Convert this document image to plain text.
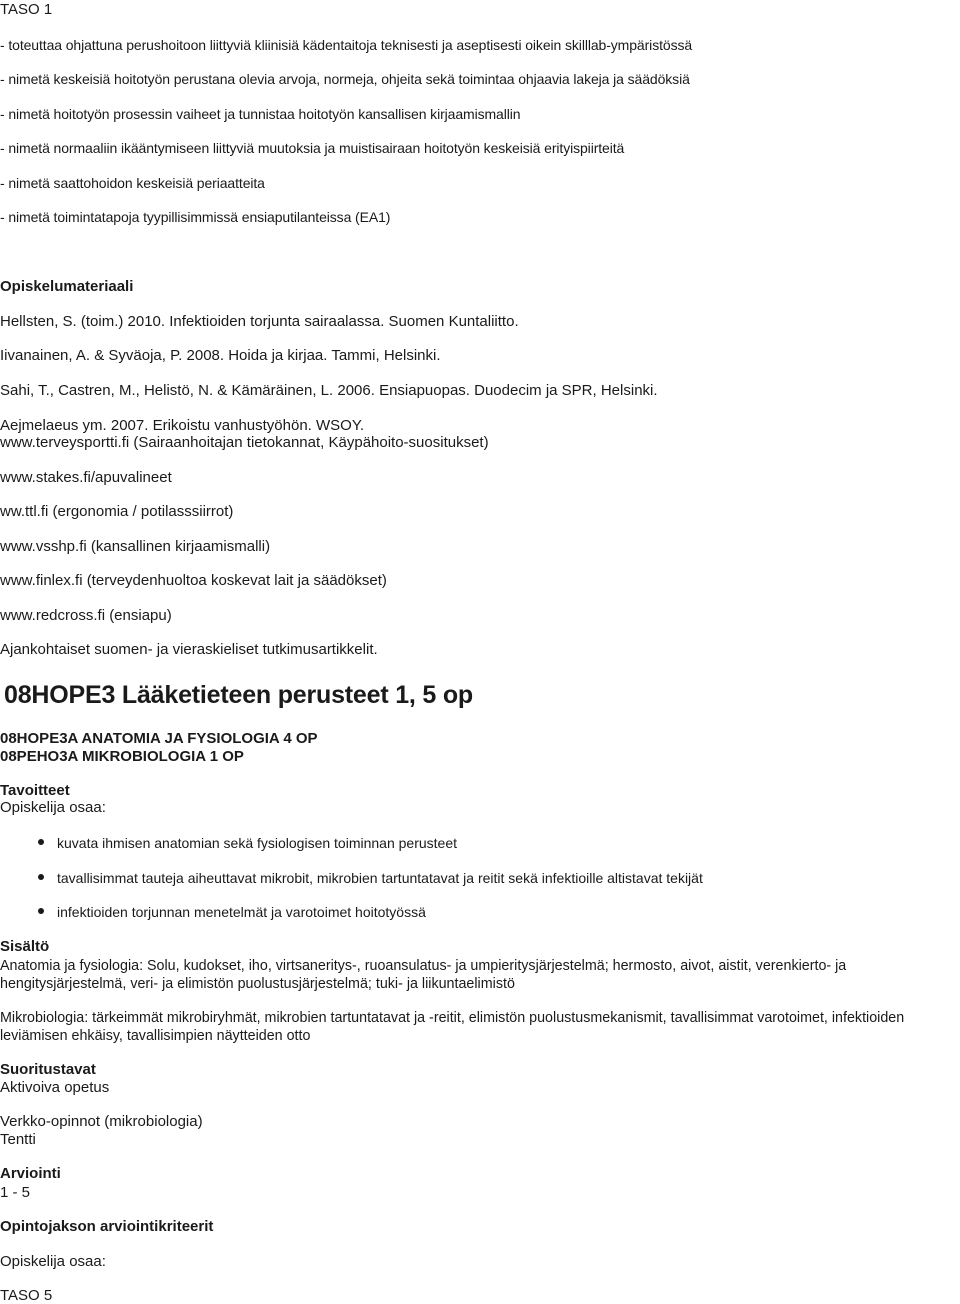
TASO 1
- toteuttaa ohjattuna perushoitoon liittyviä kliinisiä kädentaitoja teknisesti ja aseptisesti oikein skilllab-ympäristössä
- nimetä keskeisiä hoitotyön perustana olevia arvoja, normeja, ohjeita sekä toimintaa ohjaavia lakeja ja säädöksiä
- nimetä hoitotyön prosessin vaiheet ja tunnistaa hoitotyön kansallisen kirjaamismallin
- nimetä normaaliin ikääntymiseen liittyviä muutoksia ja muistisairaan hoitotyön keskeisiä erityispiirteitä
- nimetä saattohoidon keskeisiä periaatteita
- nimetä toimintatapoja tyypillisimmissä ensiaputilanteissa (EA1)
Opiskelumateriaali
Hellsten, S. (toim.) 2010. Infektioiden torjunta sairaalassa. Suomen Kuntaliitto.
Iivanainen, A. & Syväoja, P. 2008. Hoida ja kirjaa. Tammi, Helsinki.
Sahi, T., Castren, M., Helistö, N. & Kämäräinen, L. 2006. Ensiapuopas. Duodecim ja SPR, Helsinki.
Aejmelaeus ym. 2007. Erikoistu vanhustyöhön. WSOY.
www.terveysportti.fi (Sairaanhoitajan tietokannat, Käypähoito-suositukset)
www.stakes.fi/apuvalineet
ww.ttl.fi (ergonomia / potilasssiirrot)
www.vsshp.fi (kansallinen kirjaamismalli)
www.finlex.fi (terveydenhuoltoa koskevat lait ja säädökset)
www.redcross.fi (ensiapu)
Ajankohtaiset suomen- ja vieraskieliset tutkimusartikkelit.
08HOPE3 Lääketieteen perusteet 1, 5 op
08HOPE3A ANATOMIA JA FYSIOLOGIA 4 OP
08PEHO3A MIKROBIOLOGIA 1 OP
Tavoitteet
Opiskelija osaa:
kuvata ihmisen anatomian sekä fysiologisen toiminnan perusteet
tavallisimmat tauteja aiheuttavat mikrobit, mikrobien tartuntatavat ja reitit sekä infektioille altistavat tekijät
infektioiden torjunnan menetelmät ja varotoimet hoitotyössä
Sisältö
Anatomia ja fysiologia: Solu, kudokset, iho, virtsaneritys-, ruoansulatus- ja umpieritysjärjestelmä; hermosto, aivot, aistit, verenkierto- ja hengitysjärjestelmä, veri- ja elimistön puolustusjärjestelmä; tuki- ja liikuntaelimistö
Mikrobiologia: tärkeimmät mikrobiryhmät, mikrobien tartuntatavat ja -reitit, elimistön puolustusmekanismit, tavallisimmat varotoimet, infektioiden leviämisen ehkäisy, tavallisimpien näytteiden otto
Suoritustavat
Aktivoiva opetus
Verkko-opinnot (mikrobiologia)
Tentti
Arviointi
1 - 5
Opintojakson arviointikriteerit
Opiskelija osaa:
TASO 5
